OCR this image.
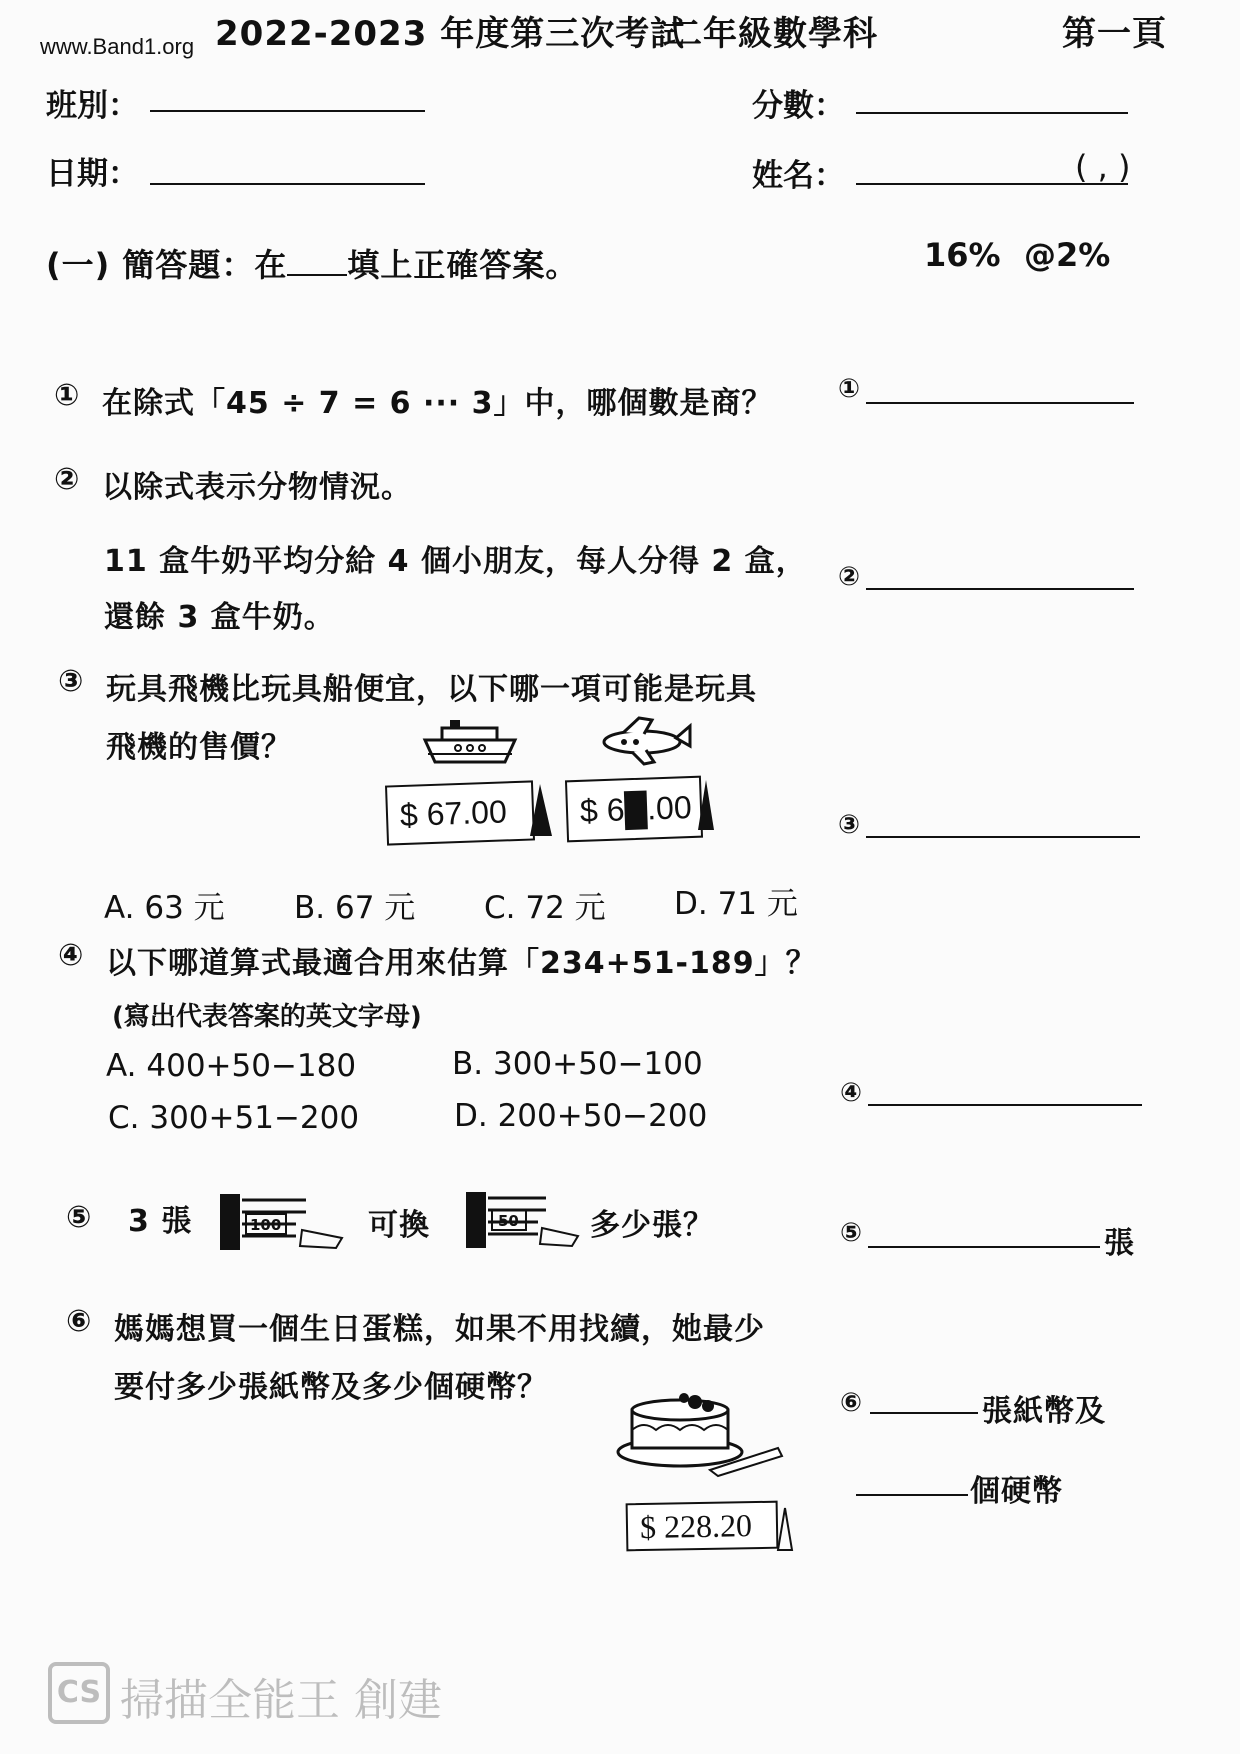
2022-2023 年度第三次考試
二年級數學科	第一頁
www.Band1.org
班別：	分數：
日期：	姓名：	( , )
(一) 簡答題：在 填上正確答案。	16% @2%
① 在除式「45 ÷ 7 = 6 ··· 3」中，哪個數是商？	①
② 以除式表示分物情況。
11 盒牛奶平均分給 4 個小朋友，每人分得 2 盒，
還餘 3 盒牛奶。
②
③ 玩具飛機比玩具船便宜，以下哪一項可能是玩具
飛機的售價？
$ 67.00	$ 6█.00
A. 63 元 B. 67 元 C. 72 元 D. 71 元
③
④ 以下哪道算式最適合用來估算「234+51-189」？
(寫出代表答案的英文字母)
A. 400+50−180	B. 300+50−100
C. 300+51−200	D. 200+50−200
④
⑤ 3 張	100	可換	50 多少張？	⑤	張
⑥ 媽媽想買一個生日蛋糕，如果不用找續，她最少
要付多少張紙幣及多少個硬幣？
$ 228.20
⑥	張紙幣及
個硬幣
CS 掃描全能王 創建
